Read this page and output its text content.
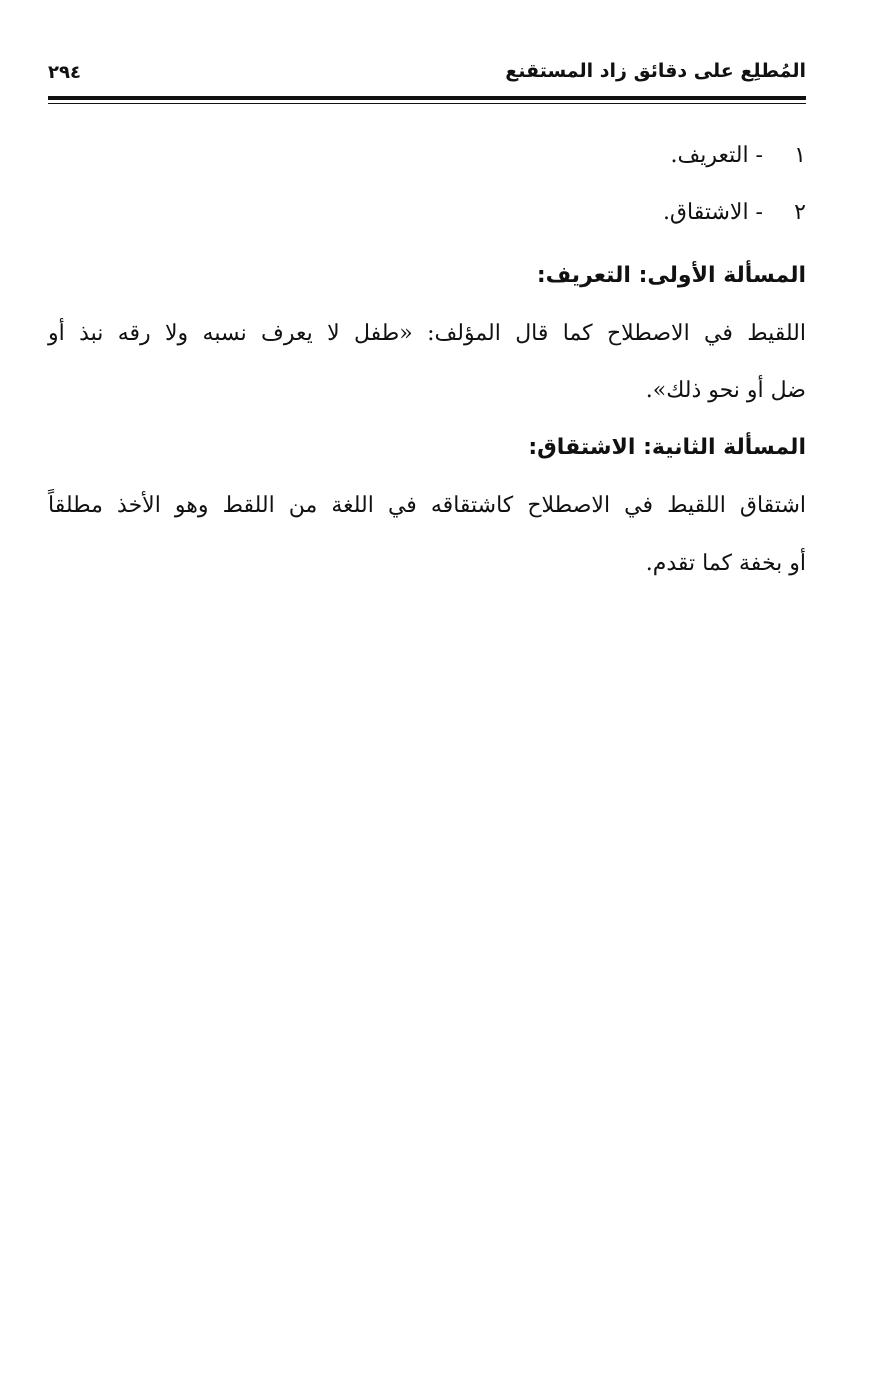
المُطلِع على دقائق زاد المستقنع
٢٩٤
١ - التعريف.
٢ - الاشتقاق.
المسألة الأولى: التعريف:
اللقيط في الاصطلاح كما قال المؤلف: «طفل لا يعرف نسبه ولا رقه نبذ أو
ضل أو نحو ذلك».
المسألة الثانية: الاشتقاق:
اشتقاق اللقيط في الاصطلاح كاشتقاقه في اللغة من اللقط وهو الأخذ مطلقاً
أو بخفة كما تقدم.
